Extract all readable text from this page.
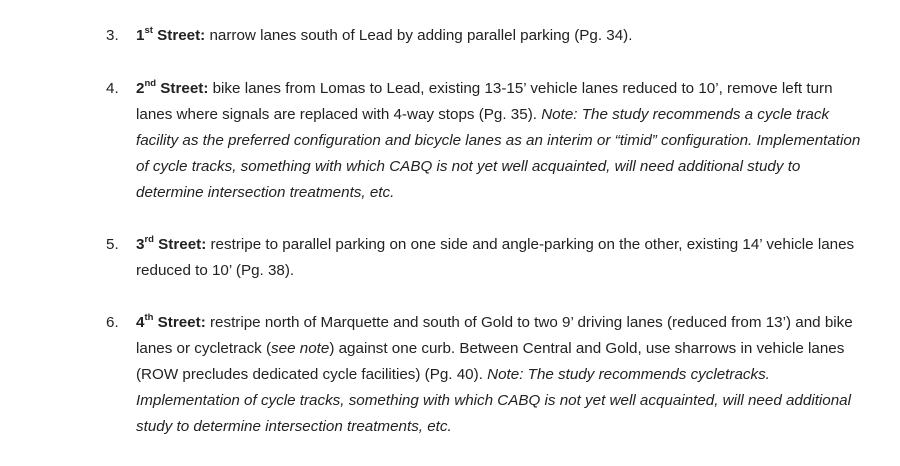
3.	1st Street: narrow lanes south of Lead by adding parallel parking (Pg. 34).
4.	2nd Street: bike lanes from Lomas to Lead, existing 13-15’ vehicle lanes reduced to 10’, remove left turn lanes where signals are replaced with 4-way stops (Pg. 35). Note: The study recommends a cycle track facility as the preferred configuration and bicycle lanes as an interim or “timid” configuration. Implementation of cycle tracks, something with which CABQ is not yet well acquainted, will need additional study to determine intersection treatments, etc.
5.	3rd Street: restripe to parallel parking on one side and angle-parking on the other, existing 14’ vehicle lanes reduced to 10’ (Pg. 38).
6.	4th Street: restripe north of Marquette and south of Gold to two 9’ driving lanes (reduced from 13’) and bike lanes or cycletrack (see note) against one curb. Between Central and Gold, use sharrows in vehicle lanes (ROW precludes dedicated cycle facilities) (Pg. 40). Note: The study recommends cycletracks. Implementation of cycle tracks, something with which CABQ is not yet well acquainted, will need additional study to determine intersection treatments, etc.
